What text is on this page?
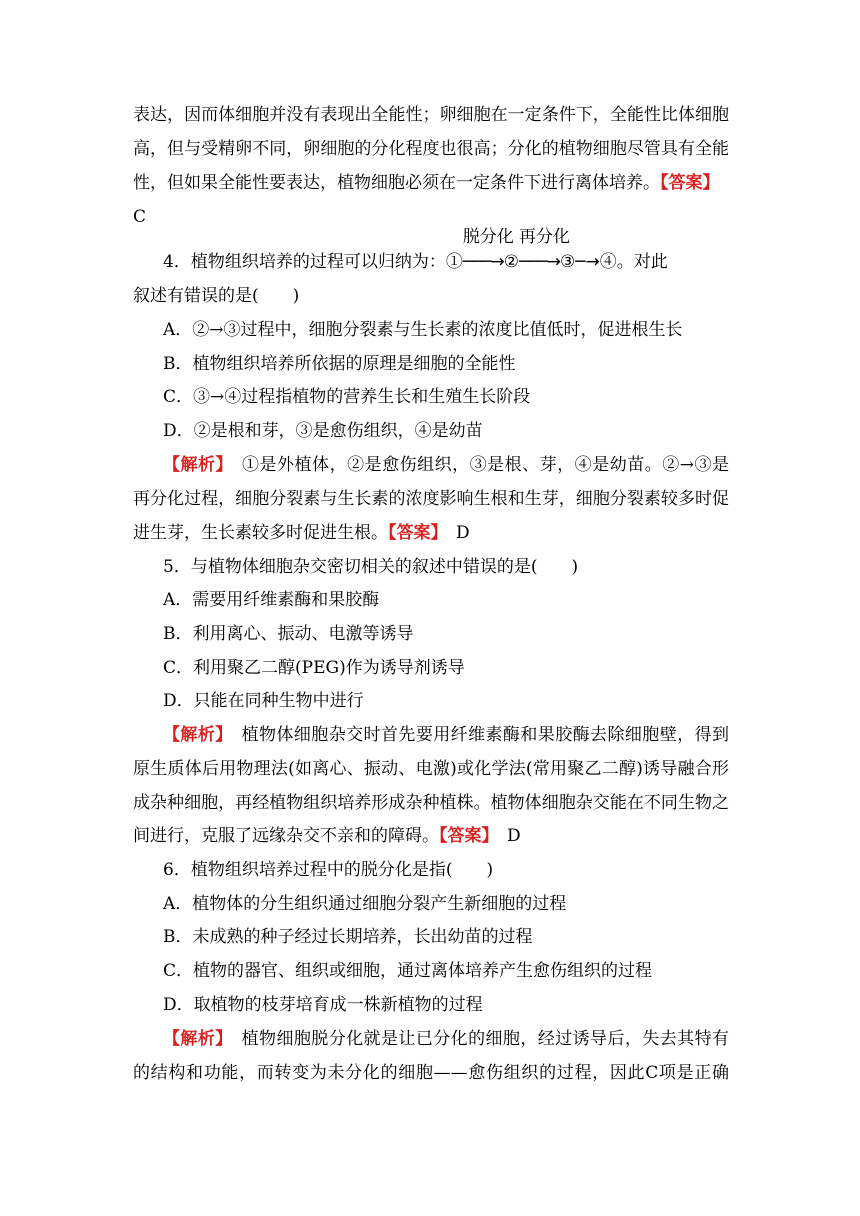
表达，因而体细胞并没有表现出全能性；卵细胞在一定条件下，全能性比体细胞
高，但与受精卵不同，卵细胞的分化程度也很高；分化的植物细胞尽管具有全能
性，但如果全能性要表达，植物细胞必须在一定条件下进行离体培养。【答案】
C
4．植物组织培养的过程可以归纳为：①
脱分化
───→②
再分化
───→③─→④。对此
叙述有错误的是(　　)
A．②→③过程中，细胞分裂素与生长素的浓度比值低时，促进根生长
B．植物组织培养所依据的原理是细胞的全能性
C．③→④过程指植物的营养生长和生殖生长阶段
D．②是根和芽，③是愈伤组织，④是幼苗
【解析】　①是外植体，②是愈伤组织，③是根、芽，④是幼苗。②→③是
再分化过程，细胞分裂素与生长素的浓度影响生根和生芽，细胞分裂素较多时促
进生芽，生长素较多时促进生根。【答案】　D
5．与植物体细胞杂交密切相关的叙述中错误的是(　　)
A．需要用纤维素酶和果胶酶
B．利用离心、振动、电激等诱导
C．利用聚乙二醇(PEG)作为诱导剂诱导
D．只能在同种生物中进行
【解析】　植物体细胞杂交时首先要用纤维素酶和果胶酶去除细胞壁，得到
原生质体后用物理法(如离心、振动、电激)或化学法(常用聚乙二醇)诱导融合形
成杂种细胞，再经植物组织培养形成杂种植株。植物体细胞杂交能在不同生物之
间进行，克服了远缘杂交不亲和的障碍。【答案】　D
6．植物组织培养过程中的脱分化是指(　　)
A．植物体的分生组织通过细胞分裂产生新细胞的过程
B．未成熟的种子经过长期培养，长出幼苗的过程
C．植物的器官、组织或细胞，通过离体培养产生愈伤组织的过程
D．取植物的枝芽培育成一株新植物的过程
【解析】　植物细胞脱分化就是让已分化的细胞，经过诱导后，失去其特有
的结构和功能，而转变为未分化的细胞——愈伤组织的过程，因此C项是正确
